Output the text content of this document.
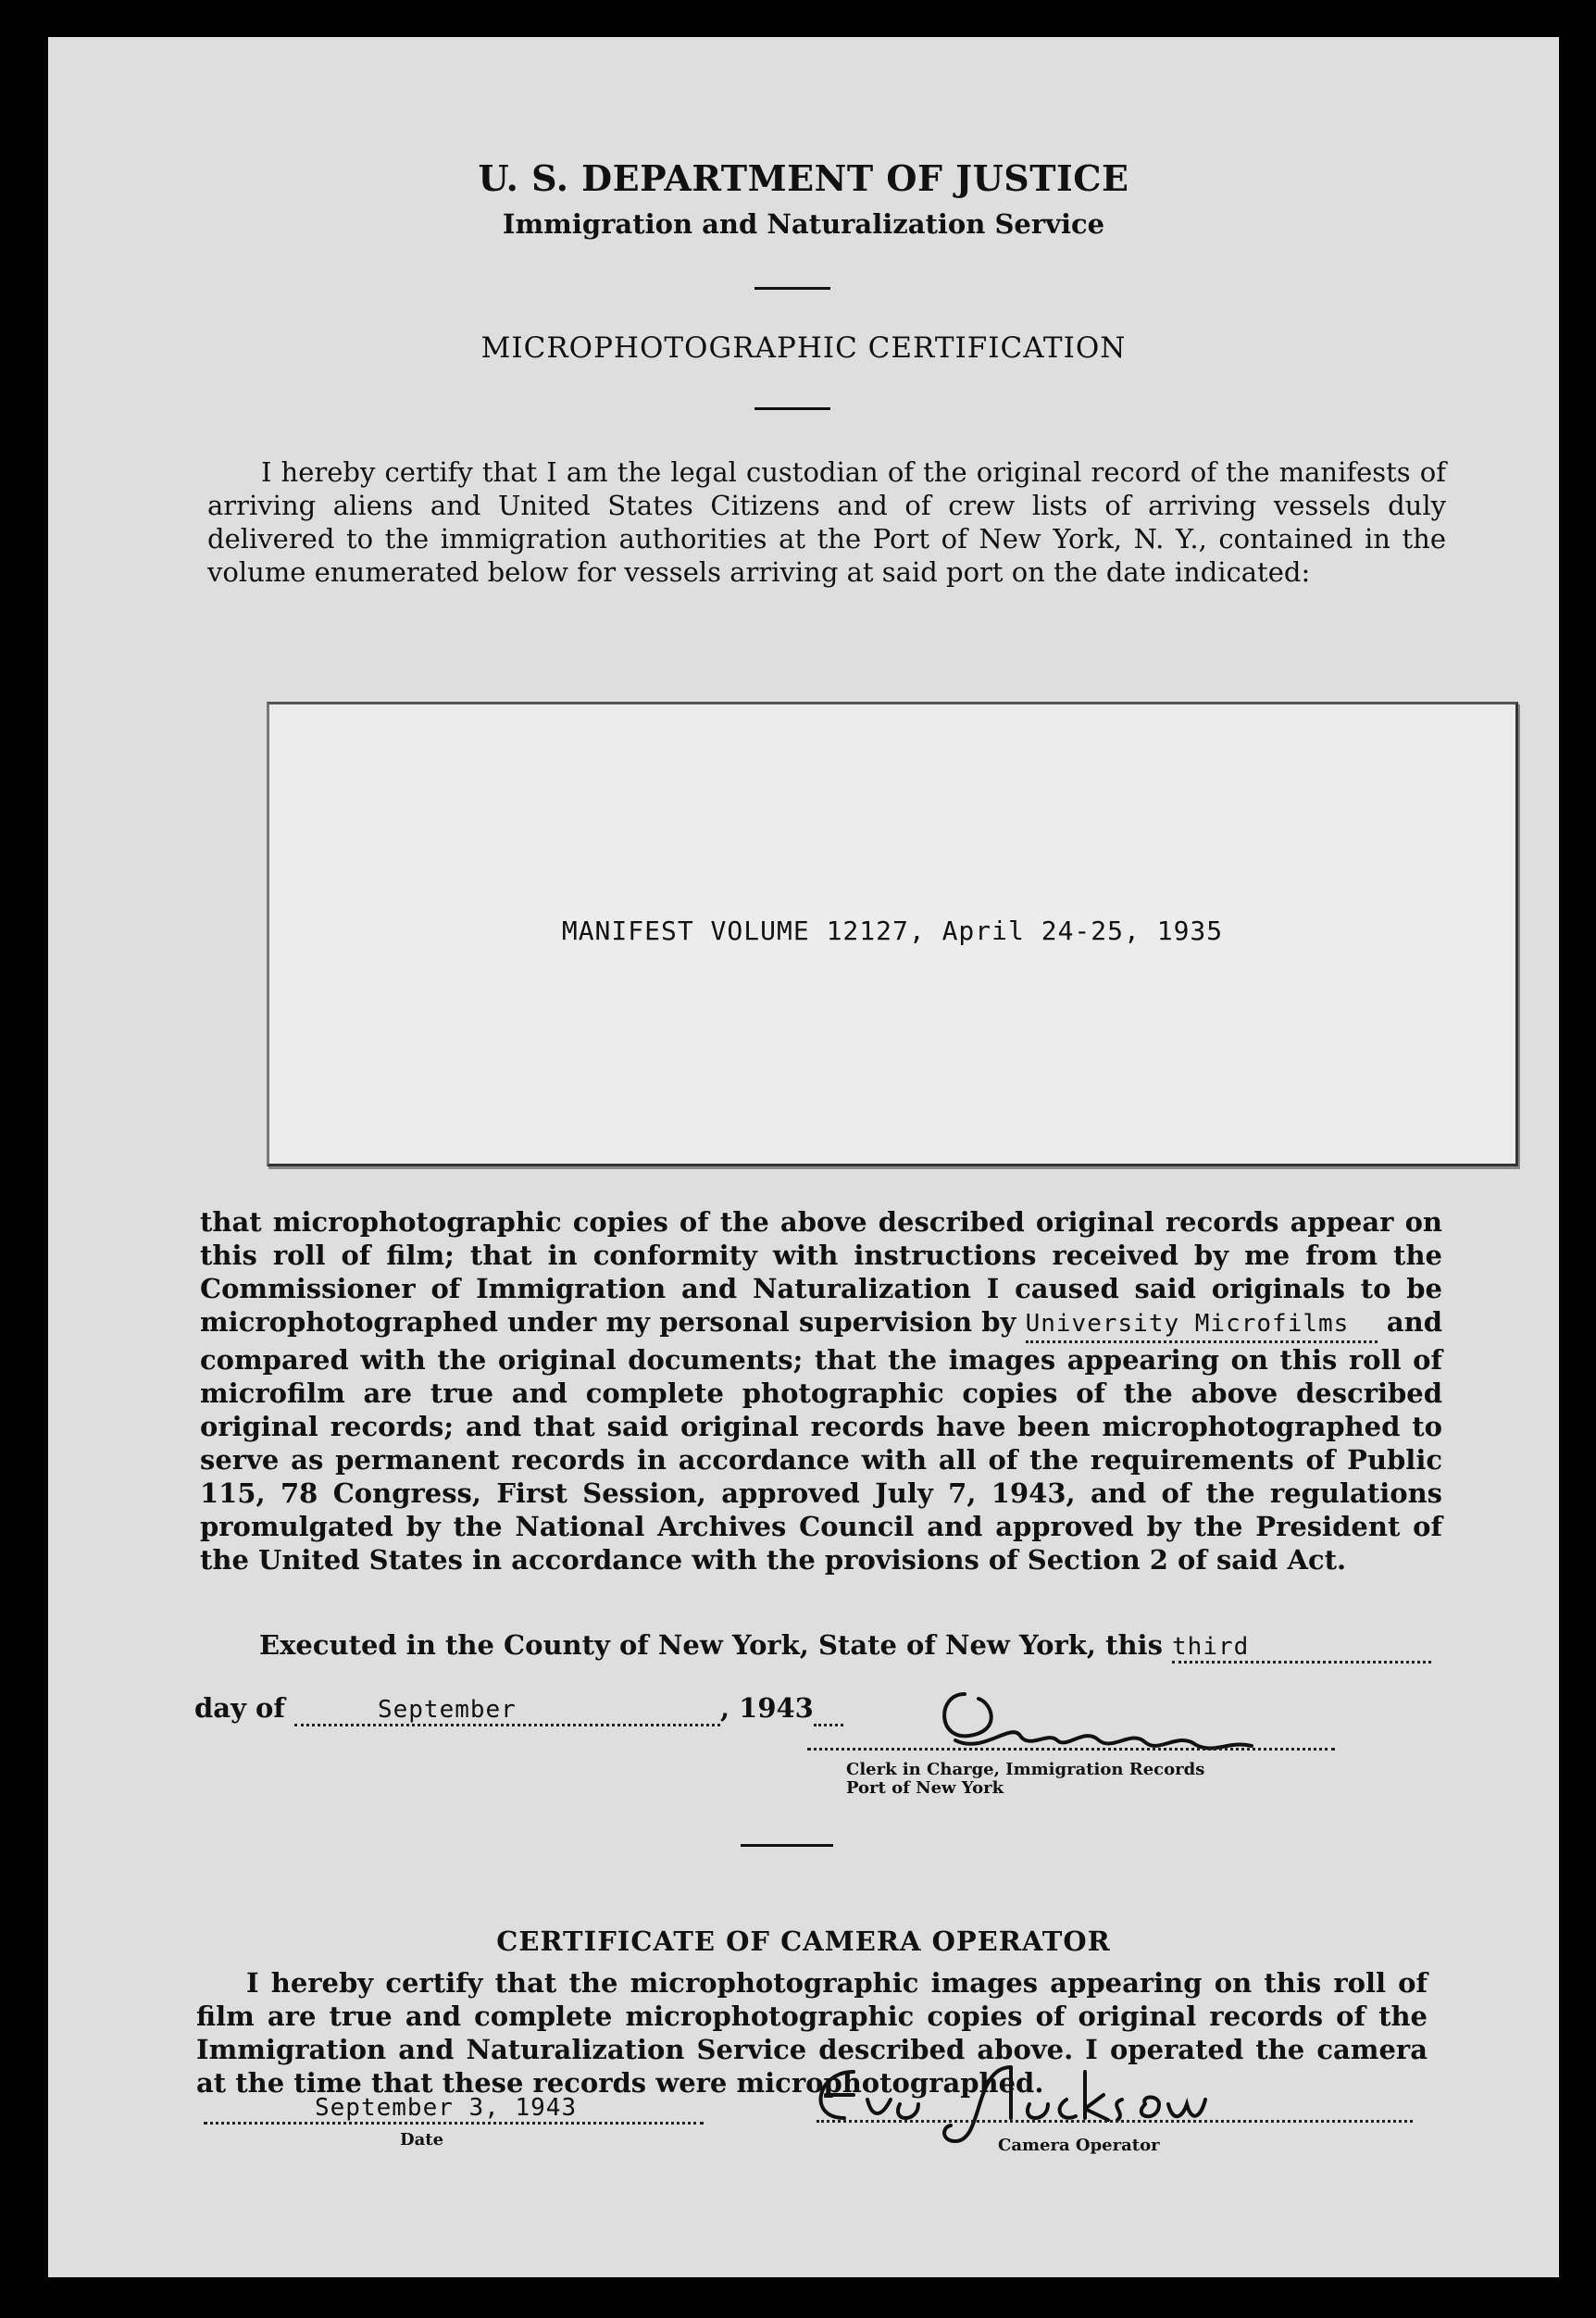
U. S. DEPARTMENT OF JUSTICE
Immigration and Naturalization Service
MICROPHOTOGRAPHIC CERTIFICATION

I hereby certify that I am the legal custodian of the original record of the manifests of arriving aliens and United States Citizens and of crew lists of arriving vessels duly delivered to the immigration authorities at the Port of New York, N. Y., contained in the volume enumerated below for vessels arriving at said port on the date indicated:

MANIFEST VOLUME 12127, April 24-25, 1935

that microphotographic copies of the above described original records appear on this roll of film; that in conformity with instructions received by me from the Commissioner of Immigration and Naturalization I caused said originals to be microphotographed under my personal supervision by University Microfilms and compared with the original documents; that the images appearing on this roll of microfilm are true and complete photographic copies of the above described original records; and that said original records have been microphotographed to serve as permanent records in accordance with all of the requirements of Public 115, 78 Congress, First Session, approved July 7, 1943, and of the regulations promulgated by the National Archives Council and approved by the President of the United States in accordance with the provisions of Section 2 of said Act.

Executed in the County of New York, State of New York, this third
day of	September	, 1943
Clerk in Charge, Immigration Records
Port of New York
CERTIFICATE OF CAMERA OPERATOR

I hereby certify that the microphotographic images appearing on this roll of film are true and complete microphotographic copies of original records of the Immigration and Naturalization Service described above. I operated the camera at the time that these records were microphotographed.

September 3, 1943
Date	Camera Operator
